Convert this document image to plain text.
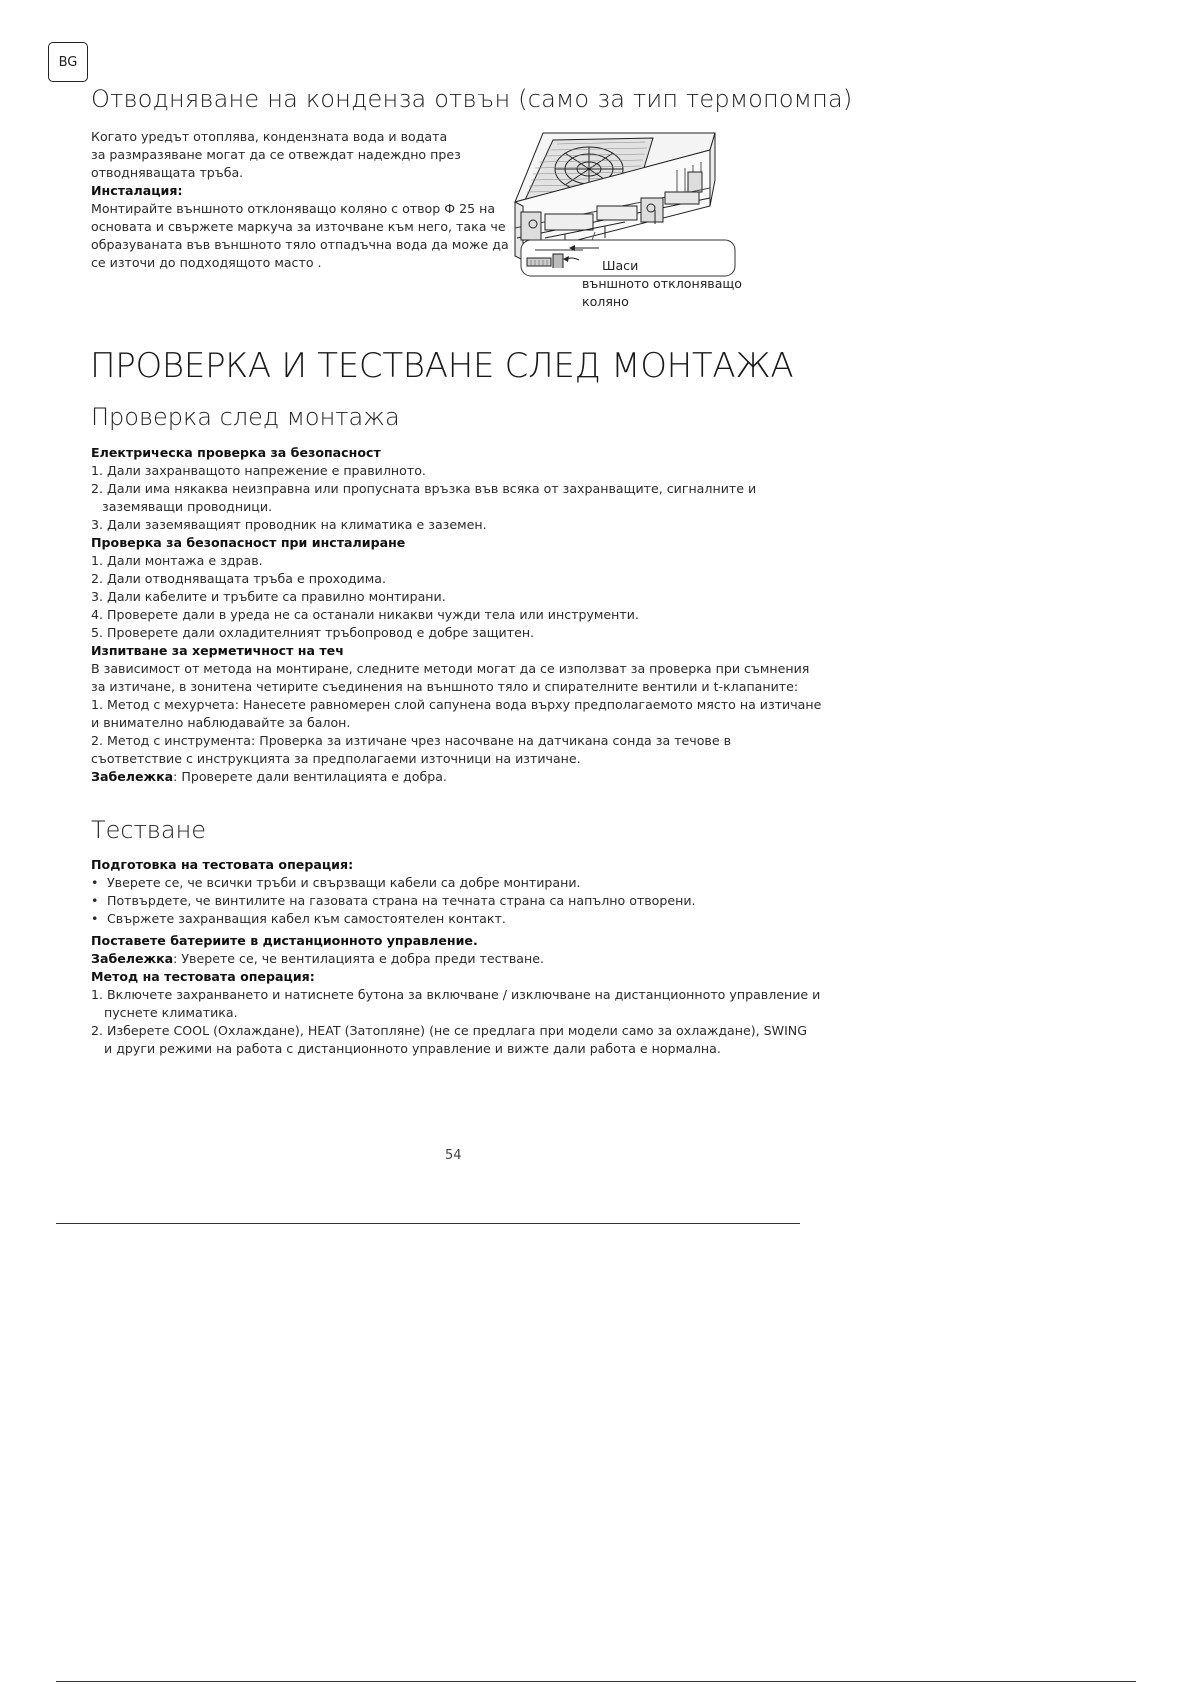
BG
Отводняване на конденза отвън (само за тип термопомпа)

Когато уредът отоплява, кондензната вода и водата

за размразяване могат да се отвеждат надеждно през

отводняващата тръба.

Инсталация:

Монтирайте външното отклоняващо коляно с отвор Ф 25 на

основата и свържете маркуча за източване към него, така че

образуваната във външното тяло отпадъчна вода да може да

се източи до подходящото масто .	Шаси
външното отклоняващо
коляно
ПРОВЕРКА И ТЕСТВАНЕ СЛЕД МОНТАЖА
Проверка след монтажа

Електрическа проверка за безопасност

1. Дали захранващото напрежение е правилното.

2. Дали има някаква неизправна или пропусната връзка във всяка от захранващите, сигналните и

заземяващи проводници.

3. Дали заземяващият проводник на климатика е заземен.

Проверка за безопасност при инсталиране

1. Дали монтажа е здрав.

2. Дали отводняващата тръба е проходима.

3. Дали кабелите и тръбите са правилно монтирани.

4. Проверете дали в уреда не са останали никакви чужди тела или инструменти.

5. Проверете дали охладителният тръбопровод е добре защитен.

Изпитване за херметичност на теч

В зависимост от метода на монтиране, следните методи могат да се използват за проверка при съмнения

за изтичане, в зонитена четирите съединения на външното тяло и спирателните вентили и t-клапаните:

1. Метод с мехурчета: Нанесете равномерен слой сапунена вода върху предполагаемото място на изтичане

и внимателно наблюдавайте за балон.

2. Метод с инструмента: Проверка за изтичане чрез насочване на датчикана сонда за течове в

съответствие с инструкцията за предполагаеми източници на изтичане.

Забележка: Проверете дали вентилацията е добра.

Тестване

Подготовка на тестовата операция:

• Уверете се, че всички тръби и свързващи кабели са добре монтирани.
• Потвърдете, че винтилите на газовата страна на течната страна са напълно отворени.
• Свържете захранващия кабел към самостоятелен контакт.

Поставете батериите в дистанционното управление.

Забележка: Уверете се, че вентилацията е добра преди тестване.

Метод на тестовата операция:

1. Включете захранването и натиснете бутона за включване / изключване на дистанционното управление и

пуснете климатика.

2. Изберете COOL (Охлаждане), HEAT (Затопляне) (не се предлага при модели само за охлаждане), SWING

и други режими на работа с дистанционното управление и вижте дали работа е нормална.

54
